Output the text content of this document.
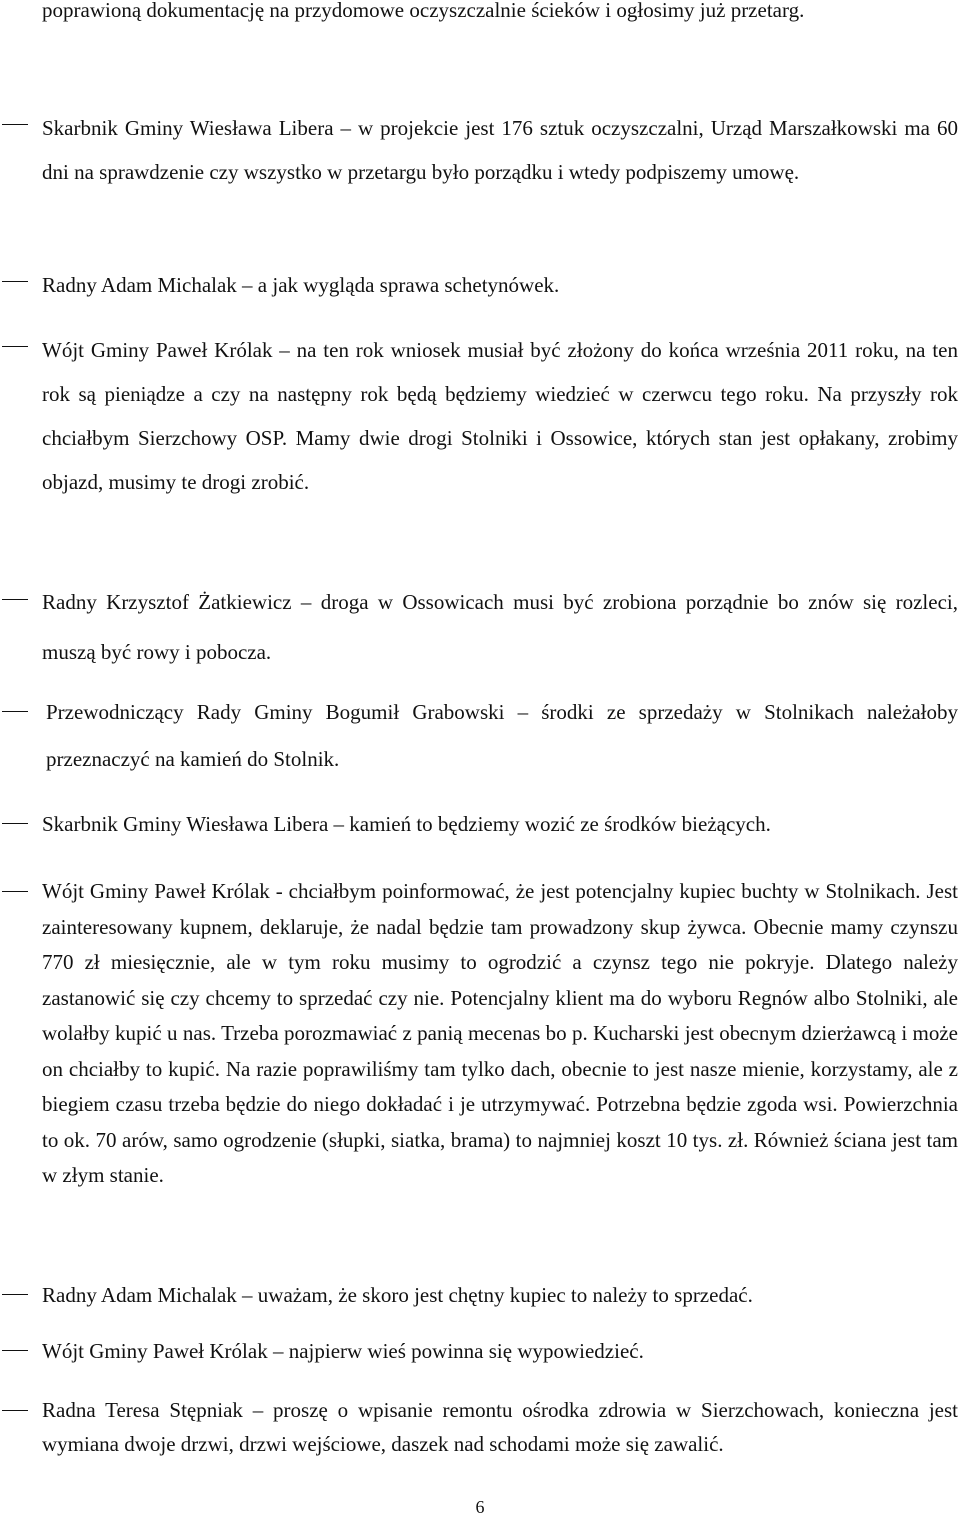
poprawioną dokumentację na przydomowe oczyszczalnie ścieków i ogłosimy już przetarg.

Skarbnik Gminy Wiesława Libera – w projekcie jest 176 sztuk oczyszczalni, Urząd Marszałkowski ma 60 dni na sprawdzenie czy wszystko w przetargu było porządku i wtedy podpiszemy umowę.

Radny Adam Michalak – a jak wygląda sprawa schetynówek.

Wójt Gminy Paweł Królak – na ten rok wniosek musiał być złożony do końca września 2011 roku, na ten rok są pieniądze a czy na następny rok będą będziemy wiedzieć w czerwcu tego roku. Na przyszły rok chciałbym Sierzchowy OSP. Mamy dwie drogi Stolniki i Ossowice, których stan jest opłakany, zrobimy objazd, musimy te drogi zrobić.

Radny Krzysztof Żatkiewicz – droga w Ossowicach musi być zrobiona porządnie bo znów się rozleci, muszą być rowy i pobocza.

Przewodniczący Rady Gminy Bogumił Grabowski – środki ze sprzedaży w Stolnikach należałoby przeznaczyć na kamień do Stolnik.

Skarbnik Gminy Wiesława Libera – kamień to będziemy wozić ze środków bieżących.

Wójt Gminy Paweł Królak - chciałbym poinformować, że jest potencjalny kupiec buchty w Stolnikach. Jest zainteresowany kupnem, deklaruje, że nadal będzie tam prowadzony skup żywca. Obecnie mamy czynszu 770 zł miesięcznie, ale w tym roku musimy to ogrodzić a czynsz tego nie pokryje. Dlatego należy zastanowić się czy chcemy to sprzedać czy nie. Potencjalny klient ma do wyboru Regnów albo Stolniki, ale wolałby kupić u nas. Trzeba porozmawiać z panią mecenas bo p. Kucharski jest obecnym dzierżawcą i może on chciałby to kupić. Na razie poprawiliśmy tam tylko dach, obecnie to jest nasze mienie, korzystamy, ale z biegiem czasu trzeba będzie do niego dokładać i je utrzymywać. Potrzebna będzie zgoda wsi. Powierzchnia to ok. 70 arów, samo ogrodzenie (słupki, siatka, brama) to najmniej koszt 10 tys. zł. Również ściana jest tam w złym stanie.

Radny Adam Michalak – uważam, że skoro jest chętny kupiec to należy to sprzedać.

Wójt Gminy Paweł Królak – najpierw wieś powinna się wypowiedzieć.

Radna Teresa Stępniak – proszę o wpisanie remontu ośrodka zdrowia w Sierzchowach, konieczna jest wymiana dwoje drzwi, drzwi wejściowe, daszek nad schodami może się zawalić.

6
